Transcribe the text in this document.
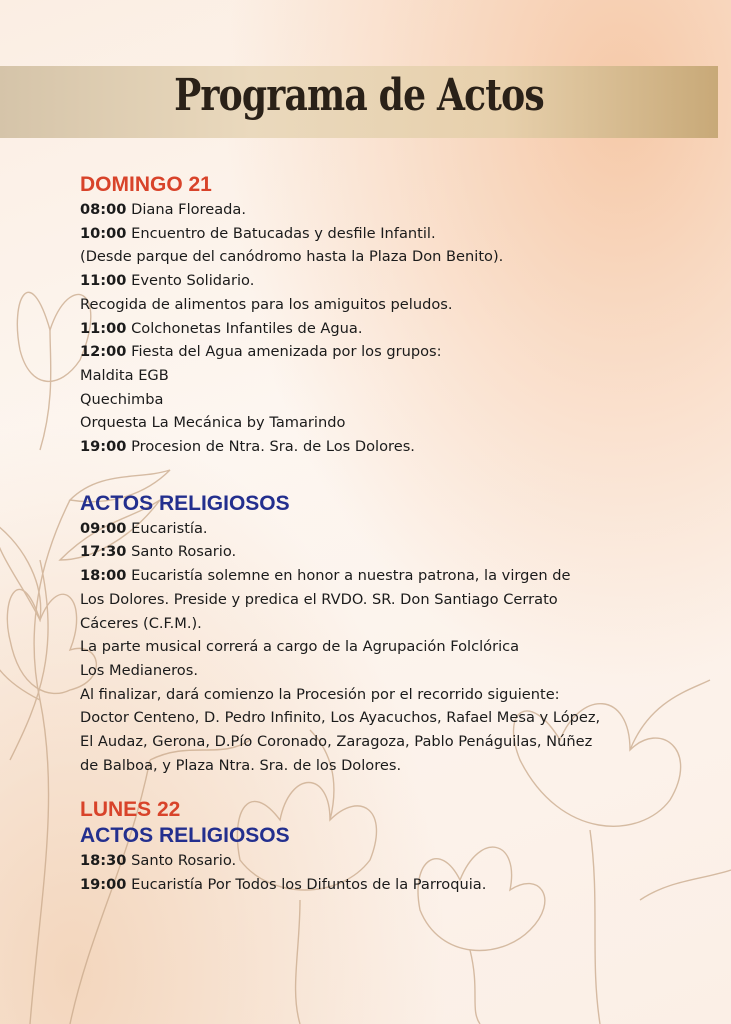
Programa de Actos

DOMINGO 21

08:00 Diana Floreada.

10:00 Encuentro de Batucadas y desfile Infantil.

(Desde parque del canódromo hasta la Plaza Don Benito).

11:00 Evento Solidario.

Recogida de alimentos para los amiguitos peludos.

11:00 Colchonetas Infantiles de Agua.

12:00 Fiesta del Agua amenizada por los grupos:

Maldita EGB

Quechimba

Orquesta La Mecánica by Tamarindo

19:00 Procesion de Ntra. Sra. de Los Dolores.

ACTOS RELIGIOSOS

09:00 Eucaristía.

17:30 Santo Rosario.

18:00 Eucaristía solemne en honor a nuestra patrona, la virgen de

Los Dolores. Preside y predica el RVDO. SR. Don Santiago Cerrato

Cáceres (C.F.M.).

La parte musical correrá a cargo de la Agrupación Folclórica

Los Medianeros.

Al finalizar, dará comienzo la Procesión por el recorrido siguiente:

Doctor Centeno, D. Pedro Infinito, Los Ayacuchos, Rafael Mesa y López,

El Audaz, Gerona, D.Pío Coronado, Zaragoza, Pablo Penáguilas, Núñez

de Balboa, y Plaza Ntra. Sra. de los Dolores.

LUNES 22

ACTOS RELIGIOSOS

18:30 Santo Rosario.

19:00 Eucaristía Por Todos los Difuntos de la Parroquia.
